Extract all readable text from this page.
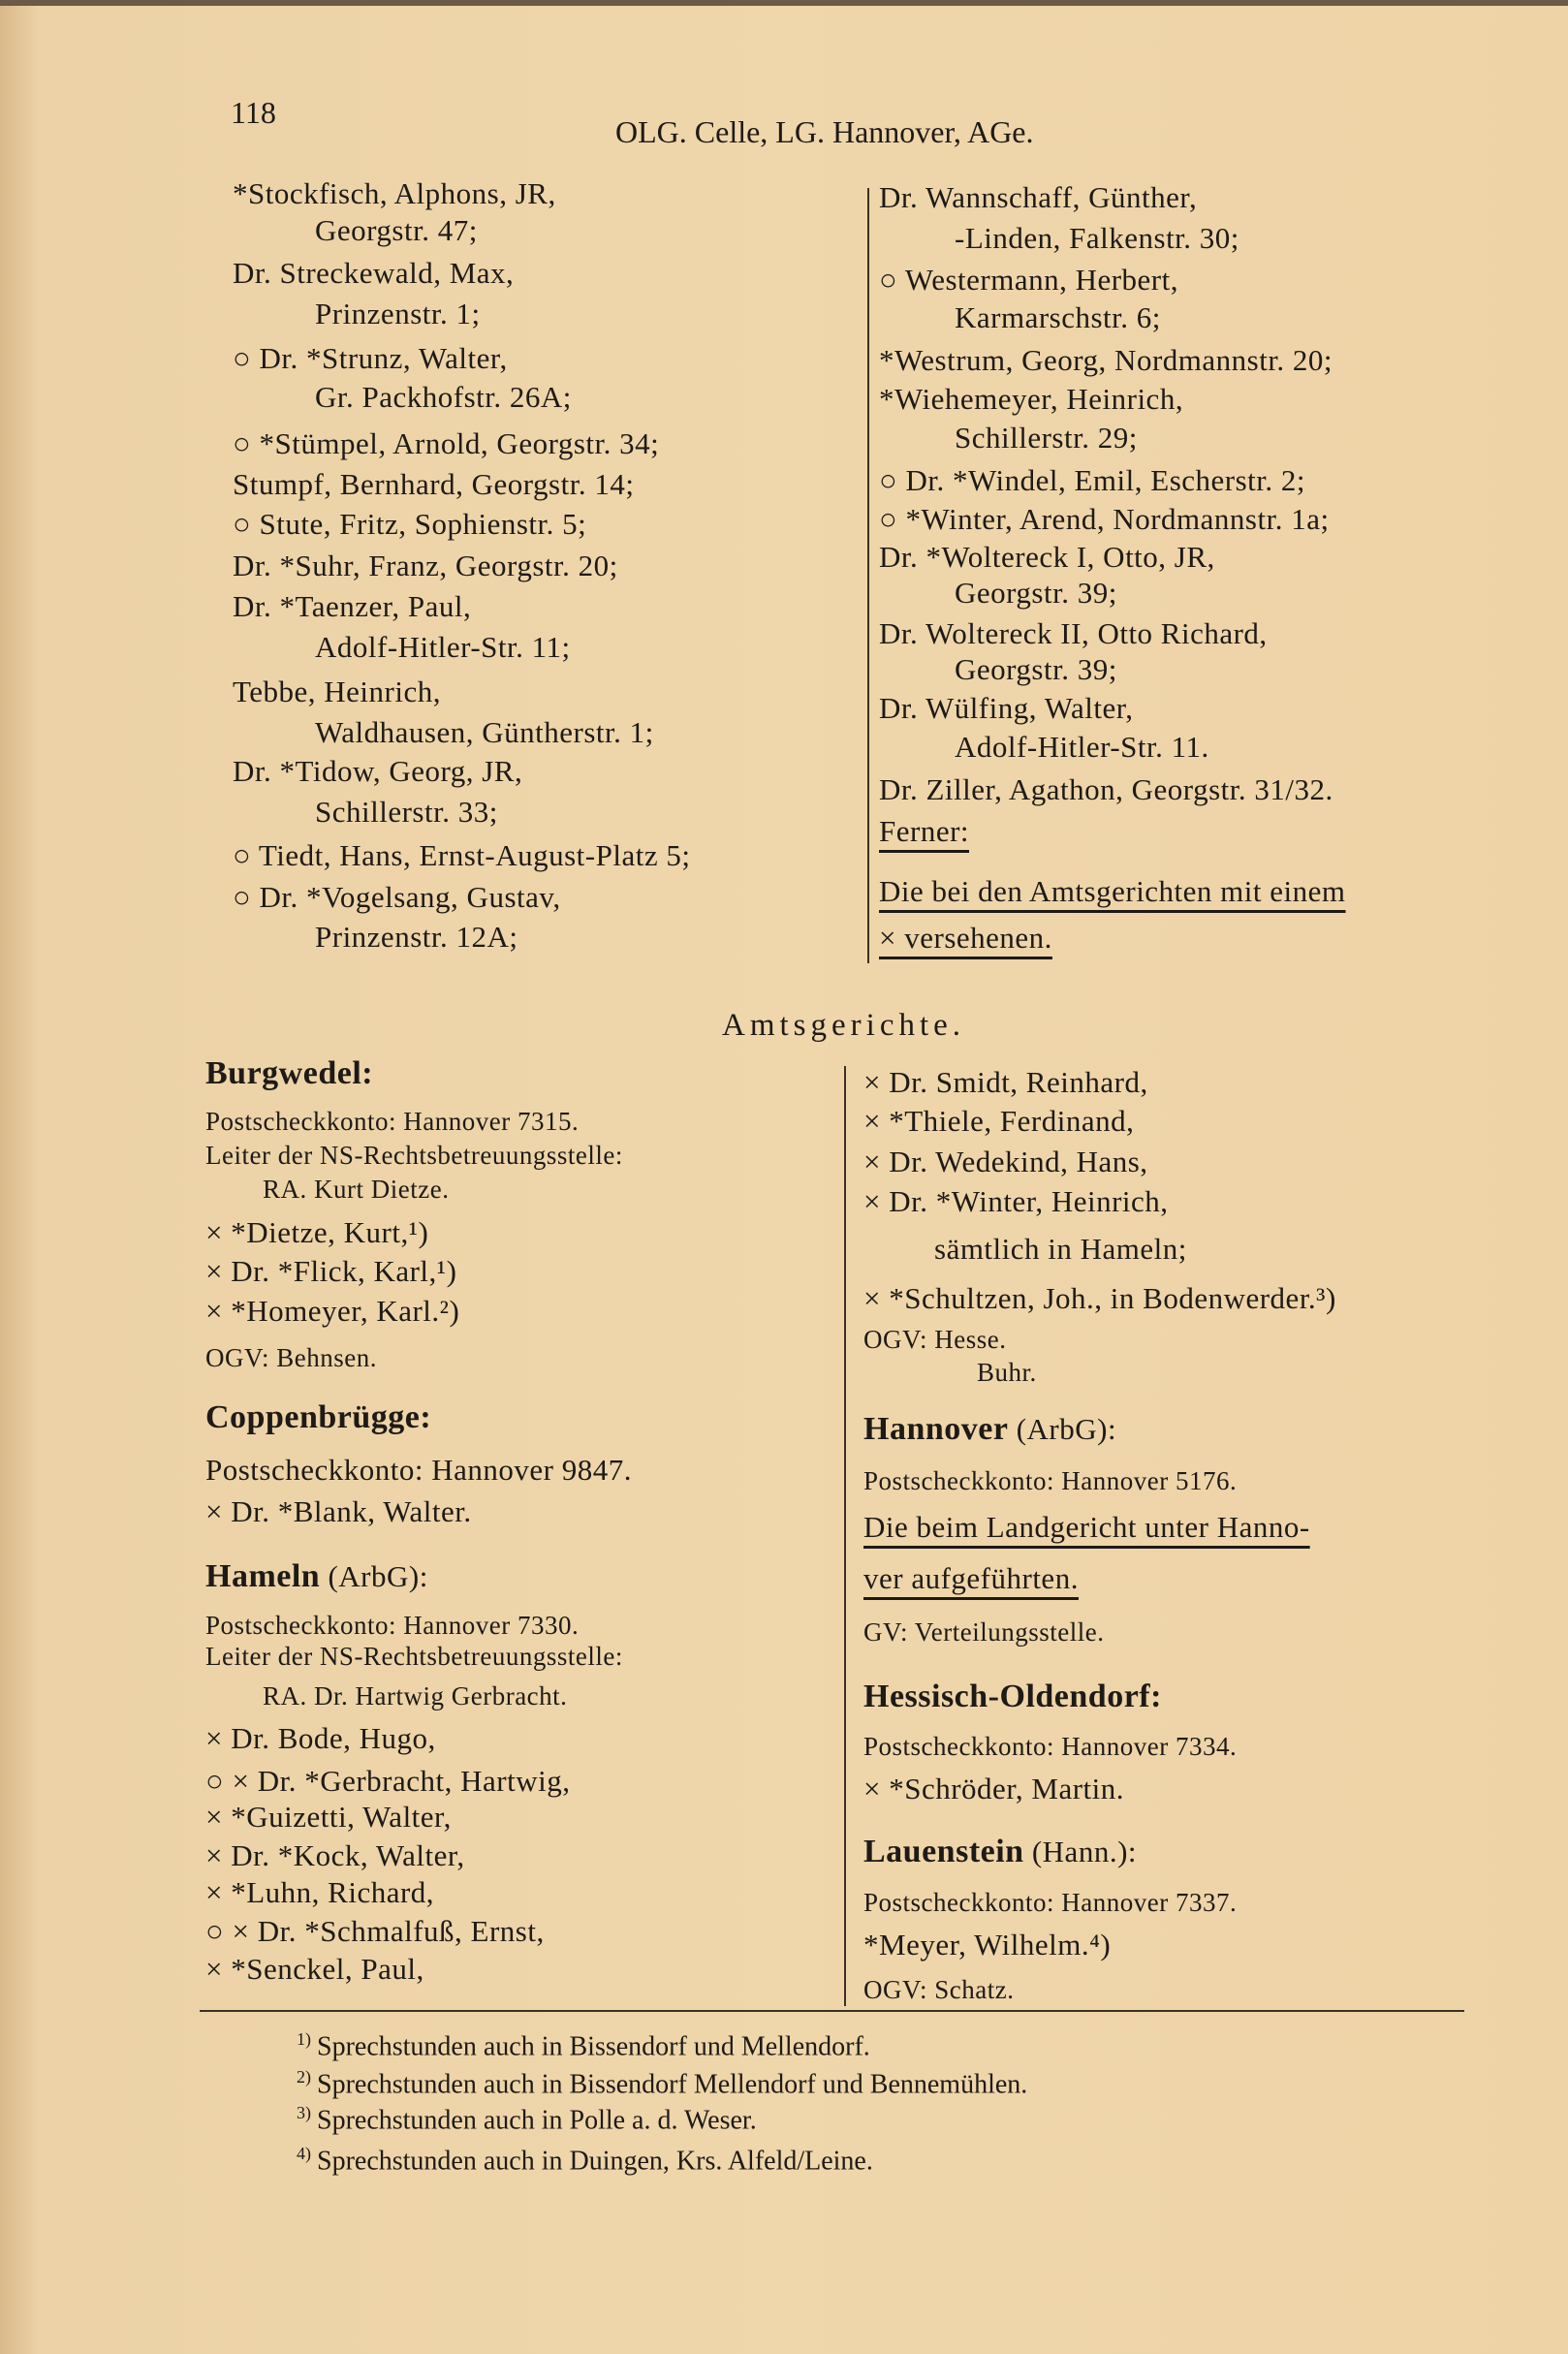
118
OLG. Celle, LG. Hannover, AGe.
Amtsgerichte.
*Stockfisch, Alphons, JR,
Georgstr. 47;
Dr. Streckewald, Max,
Prinzenstr. 1;
○ Dr. *Strunz, Walter,
Gr. Packhofstr. 26A;
○ *Stümpel, Arnold, Georgstr. 34;
Stumpf, Bernhard, Georgstr. 14;
○ Stute, Fritz, Sophienstr. 5;
Dr. *Suhr, Franz, Georgstr. 20;
Dr. *Taenzer, Paul,
Adolf-Hitler-Str. 11;
Tebbe, Heinrich,
Waldhausen, Güntherstr. 1;
Dr. *Tidow, Georg, JR,
Schillerstr. 33;
○ Tiedt, Hans, Ernst-August-Platz 5;
○ Dr. *Vogelsang, Gustav,
Prinzenstr. 12A;
Dr. Wannschaff, Günther,
-Linden, Falkenstr. 30;
○ Westermann, Herbert,
Karmarschstr. 6;
*Westrum, Georg, Nordmannstr. 20;
*Wiehemeyer, Heinrich,
Schillerstr. 29;
○ Dr. *Windel, Emil, Escherstr. 2;
○ *Winter, Arend, Nordmannstr. 1a;
Dr. *Woltereck I, Otto, JR,
Georgstr. 39;
Dr. Woltereck II, Otto Richard,
Georgstr. 39;
Dr. Wülfing, Walter,
Adolf-Hitler-Str. 11.
Dr. Ziller, Agathon, Georgstr. 31/32.
Ferner:
Die bei den Amtsgerichten mit einem
× versehenen.
Burgwedel:
Postscheckkonto: Hannover 7315.
Leiter der NS-Rechtsbetreuungsstelle:
RA. Kurt Dietze.
× *Dietze, Kurt,¹)
× Dr. *Flick, Karl,¹)
× *Homeyer, Karl.²)
OGV: Behnsen.
Coppenbrügge:
Postscheckkonto: Hannover 9847.
× Dr. *Blank, Walter.
Hameln (ArbG):
Postscheckkonto: Hannover 7330.
Leiter der NS-Rechtsbetreuungsstelle:
RA. Dr. Hartwig Gerbracht.
× Dr. Bode, Hugo,
○ × Dr. *Gerbracht, Hartwig,
× *Guizetti, Walter,
× Dr. *Kock, Walter,
× *Luhn, Richard,
○ × Dr. *Schmalfuß, Ernst,
× *Senckel, Paul,
× Dr. Smidt, Reinhard,
× *Thiele, Ferdinand,
× Dr. Wedekind, Hans,
× Dr. *Winter, Heinrich,
sämtlich in Hameln;
× *Schultzen, Joh., in Bodenwerder.³)
OGV: Hesse.
Buhr.
Hannover (ArbG):
Postscheckkonto: Hannover 5176.
Die beim Landgericht unter Hanno-
ver aufgeführten.
GV: Verteilungsstelle.
Hessisch-Oldendorf:
Postscheckkonto: Hannover 7334.
× *Schröder, Martin.
Lauenstein (Hann.):
Postscheckkonto: Hannover 7337.
*Meyer, Wilhelm.⁴)
OGV: Schatz.
$^{1)}$ Sprechstunden auch in Bissendorf und Mellendorf.
$^{2)}$ Sprechstunden auch in Bissendorf Mellendorf und Bennemühlen.
$^{3)}$ Sprechstunden auch in Polle a. d. Weser.
$^{4)}$ Sprechstunden auch in Duingen, Krs. Alfeld/Leine.
